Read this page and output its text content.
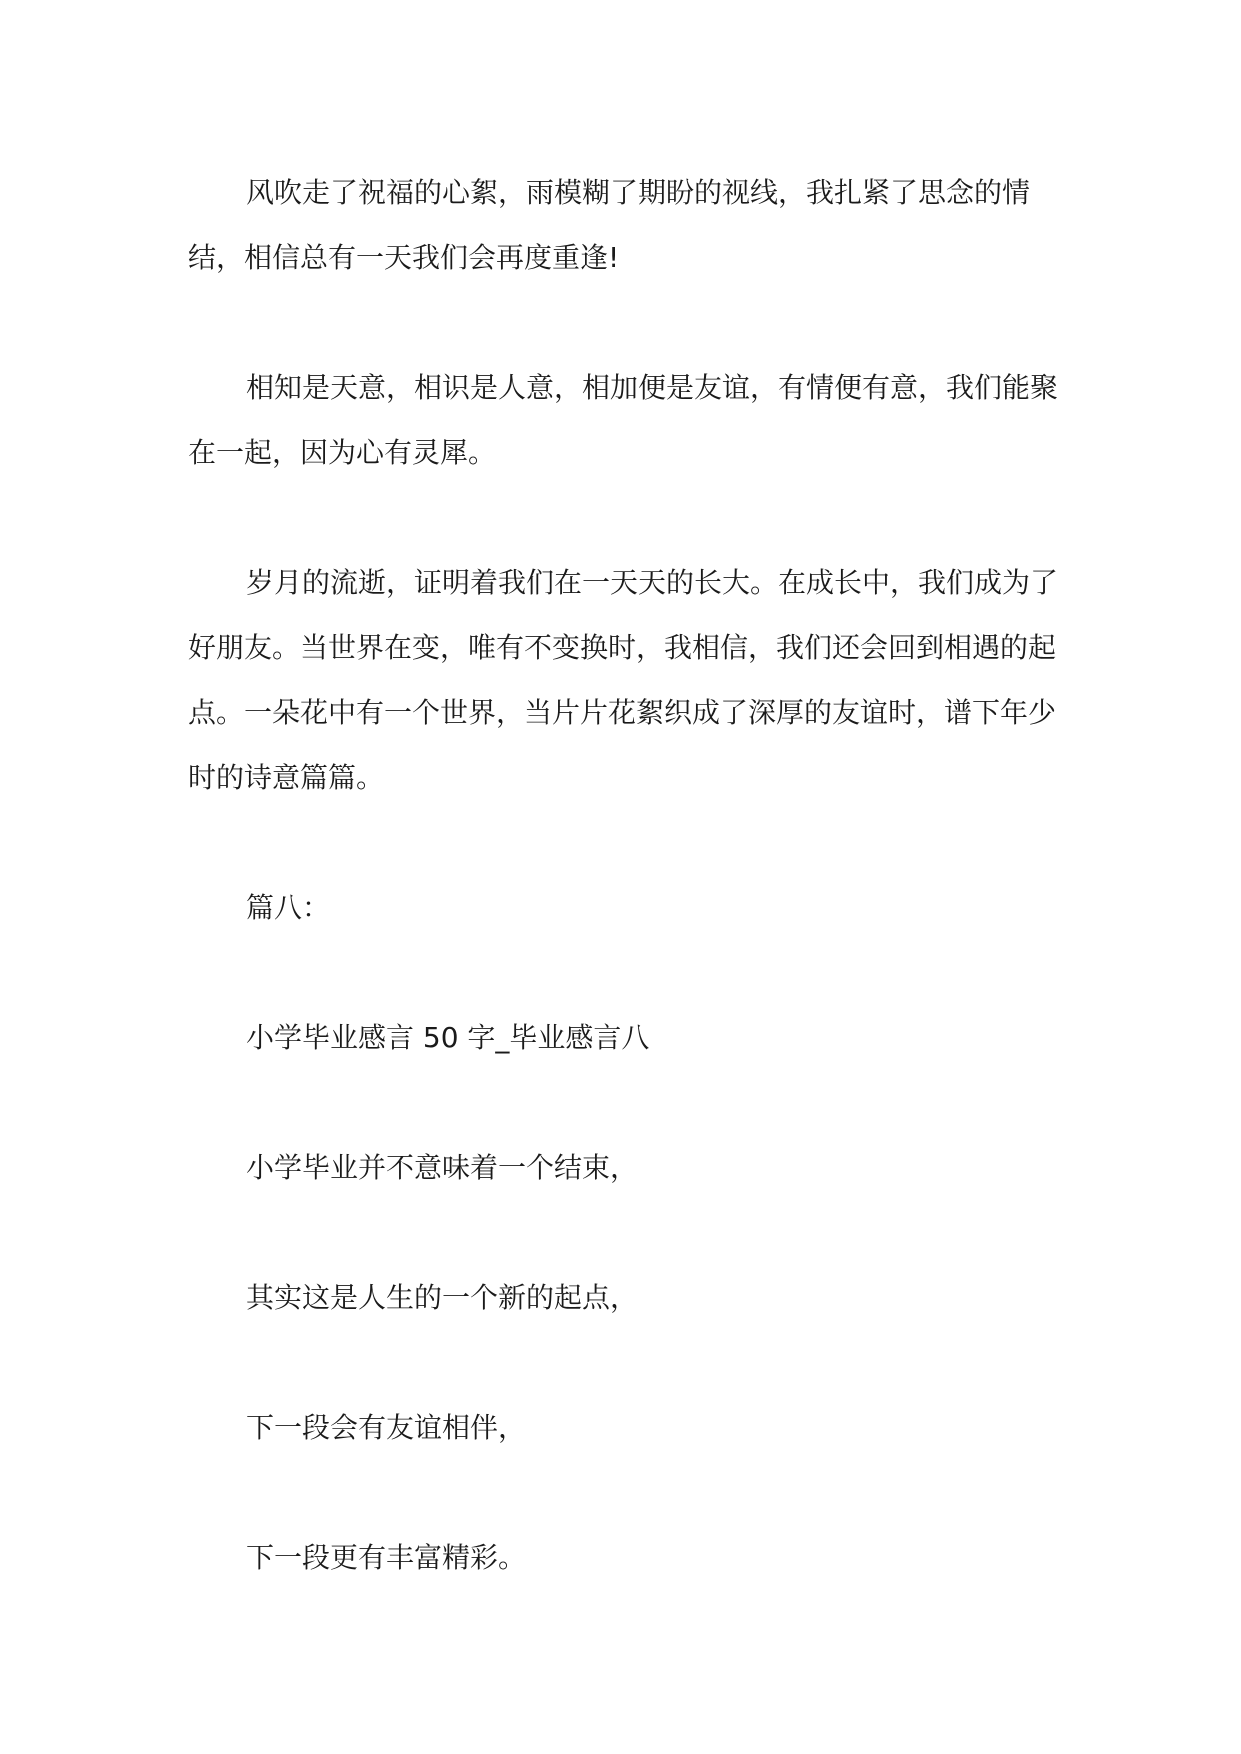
风吹走了祝福的心絮，雨模糊了期盼的视线，我扎紧了思念的情结，相信总有一天我们会再度重逢!

相知是天意，相识是人意，相加便是友谊，有情便有意，我们能聚在一起，因为心有灵犀。

岁月的流逝，证明着我们在一天天的长大。在成长中，我们成为了好朋友。当世界在变，唯有不变换时，我相信，我们还会回到相遇的起点。一朵花中有一个世界，当片片花絮织成了深厚的友谊时，谱下年少时的诗意篇篇。

篇八：

小学毕业感言 50 字_毕业感言八

小学毕业并不意味着一个结束，

其实这是人生的一个新的起点，

下一段会有友谊相伴，

下一段更有丰富精彩。
